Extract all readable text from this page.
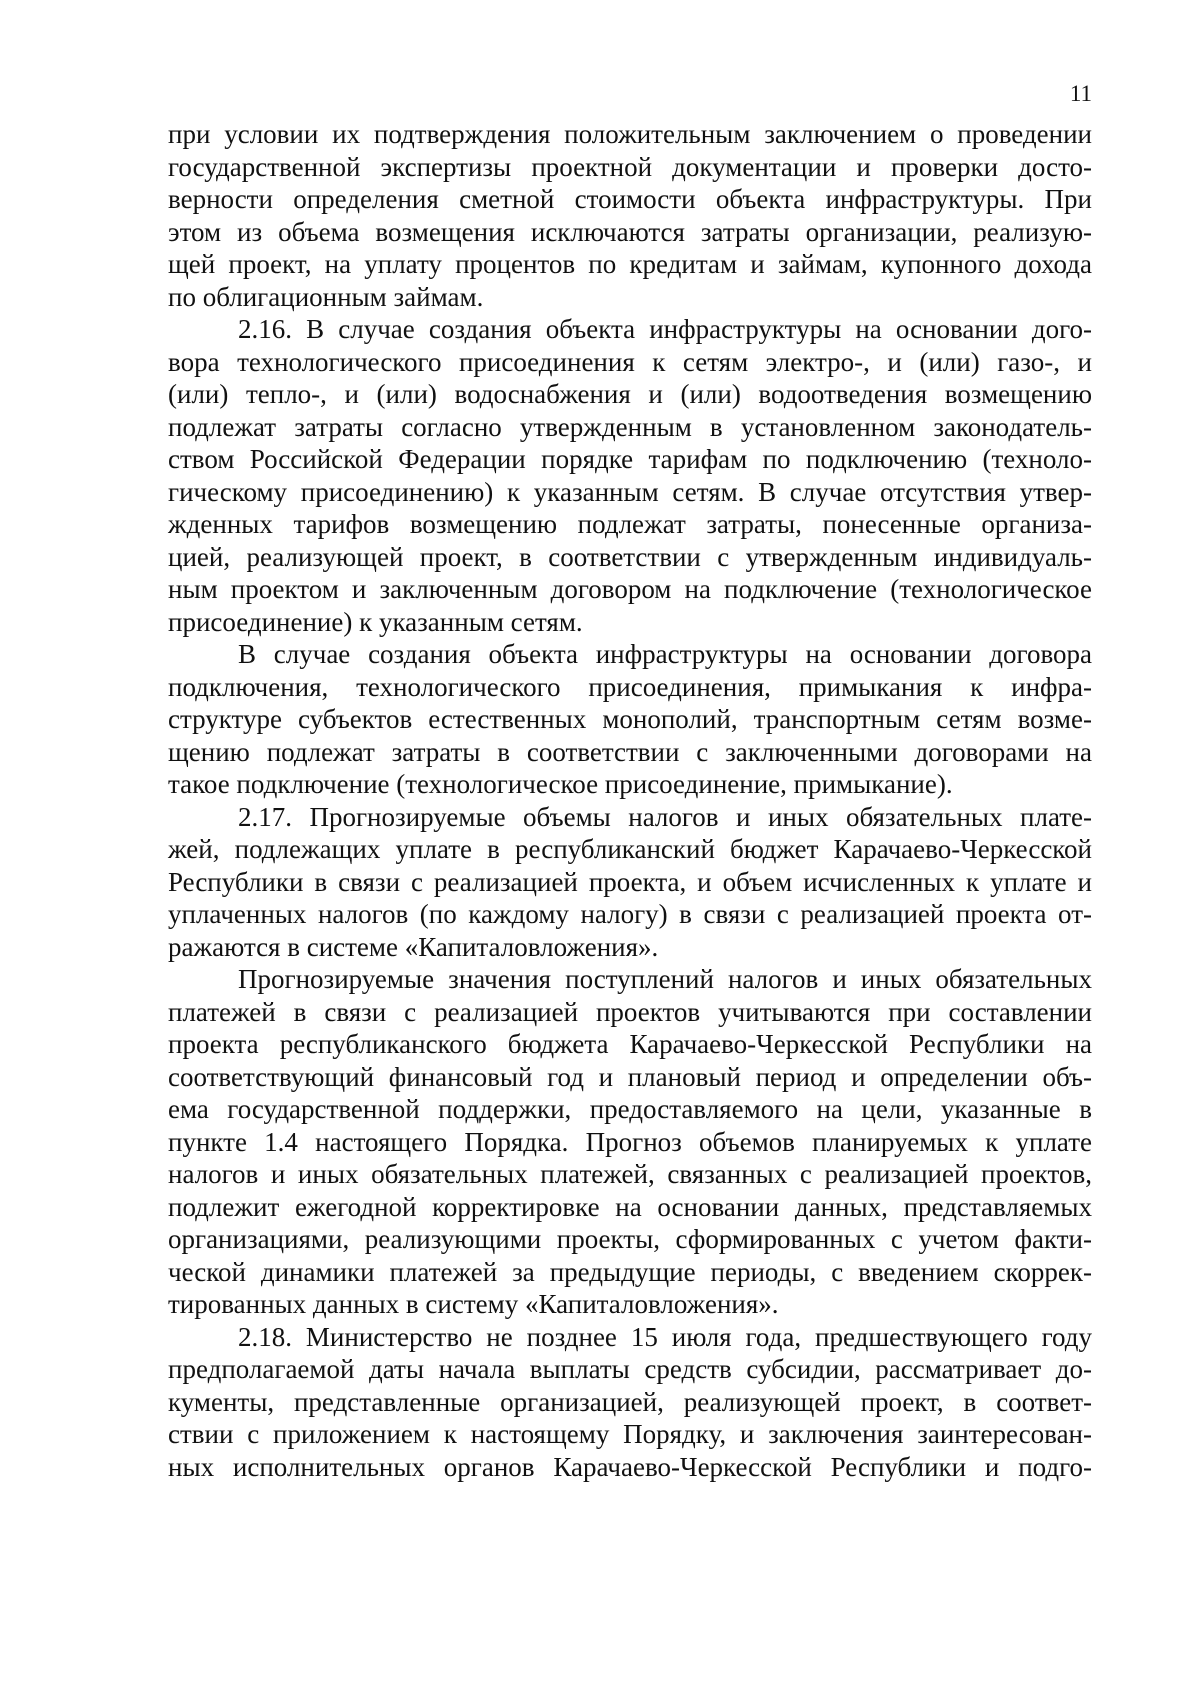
11

при условии их подтверждения положительным заключением о проведении
государственной экспертизы проектной документации и проверки досто-
верности определения сметной стоимости объекта инфраструктуры. При
этом из объема возмещения исключаются затраты организации, реализую-
щей проект, на уплату процентов по кредитам и займам, купонного дохода
по облигационным займам.

2.16. В случае создания объекта инфраструктуры на основании дого-
вора технологического присоединения к сетям электро-, и (или) газо-, и
(или) тепло-, и (или) водоснабжения и (или) водоотведения возмещению
подлежат затраты согласно утвержденным в установленном законодатель-
ством Российской Федерации порядке тарифам по подключению (техноло-
гическому присоединению) к указанным сетям. В случае отсутствия утвер-
жденных тарифов возмещению подлежат затраты, понесенные организа-
цией, реализующей проект, в соответствии с утвержденным индивидуаль-
ным проектом и заключенным договором на подключение (технологическое
присоединение) к указанным сетям.

В случае создания объекта инфраструктуры на основании договора
подключения, технологического присоединения, примыкания к инфра-
структуре субъектов естественных монополий, транспортным сетям возме-
щению подлежат затраты в соответствии с заключенными договорами на
такое подключение (технологическое присоединение, примыкание).

2.17. Прогнозируемые объемы налогов и иных обязательных плате-
жей, подлежащих уплате в республиканский бюджет Карачаево-Черкесской
Республики в связи с реализацией проекта, и объем исчисленных к уплате и
уплаченных налогов (по каждому налогу) в связи с реализацией проекта от-
ражаются в системе «Капиталовложения».

Прогнозируемые значения поступлений налогов и иных обязательных
платежей в связи с реализацией проектов учитываются при составлении
проекта республиканского бюджета Карачаево-Черкесской Республики на
соответствующий финансовый год и плановый период и определении объ-
ема государственной поддержки, предоставляемого на цели, указанные в
пункте 1.4 настоящего Порядка. Прогноз объемов планируемых к уплате
налогов и иных обязательных платежей, связанных с реализацией проектов,
подлежит ежегодной корректировке на основании данных, представляемых
организациями, реализующими проекты, сформированных с учетом факти-
ческой динамики платежей за предыдущие периоды, с введением скоррек-
тированных данных в систему «Капиталовложения».

2.18. Министерство не позднее 15 июля года, предшествующего году
предполагаемой даты начала выплаты средств субсидии, рассматривает до-
кументы, представленные организацией, реализующей проект, в соответ-
ствии с приложением к настоящему Порядку, и заключения заинтересован-
ных исполнительных органов Карачаево-Черкесской Республики и подго-
